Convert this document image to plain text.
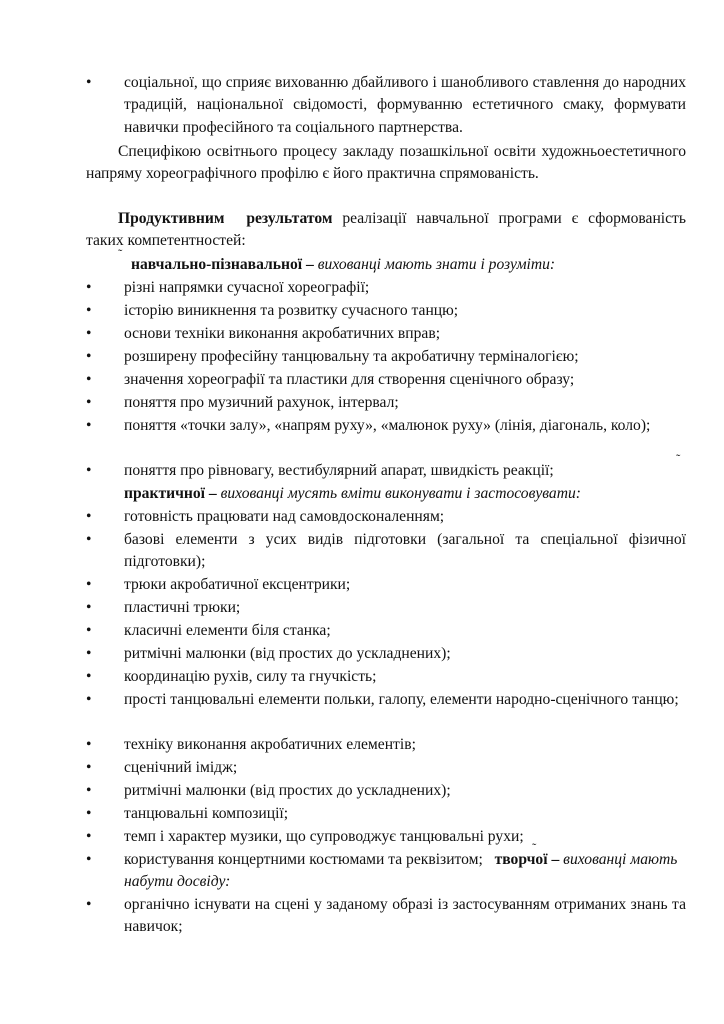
•	соціальної, що сприяє вихованню дбайливого і шанобливого ставлення до народних традицій, національної свідомості, формуванню естетичного смаку, формувати навички професійного та соціального партнерства.
Специфікою освітнього процесу закладу позашкільної освіти художньоестетичного напряму хореографічного профілю є його практична спрямованість.
Продуктивним результатом реалізації навчальної програми є сформованість таких компетентностей:
˜
навчально-пізнавальної – вихованці мають знати і розуміти:
•	різні напрямки сучасної хореографії;
•	історію виникнення та розвитку сучасного танцю;
•	основи техніки виконання акробатичних вправ;
•	розширену професійну танцювальну та акробатичну терміналогією;
•	значення хореографії та пластики для створення сценічного образу;
•	поняття про музичний рахунок, інтервал;
•	поняття «точки залу», «напрям руху», «малюнок руху» (лінія, діагональ, коло);
•	поняття про рівновагу, вестибулярний апарат, швидкість реакції;
˜
практичної – вихованці мусять вміти виконувати і застосовувати:
•	готовність працювати над самовдосконаленням;
•	базові елементи з усих видів підготовки (загальної та спеціальної фізичної підготовки);
•	трюки акробатичної ексцентрики;
•	пластичні трюки;
•	класичні елементи біля станка;
•	ритмічні малюнки (від простих до ускладнених);
•	координацію рухів, силу та гнучкість;
•	прості танцювальні елементи польки, галопу, елементи народно-сценічного танцю;
•	техніку виконання акробатичних елементів;
•	сценічний імідж;
•	ритмічні малюнки (від простих до ускладнених);
•	танцювальні композиції;
•	темп і характер музики, що супроводжує танцювальні рухи;
•	користування концертними костюмами та реквізитом; творчої – вихованці мають набути досвіду:
˜
•	органічно існувати на сцені у заданому образі із застосуванням отриманих знань та навичок;
